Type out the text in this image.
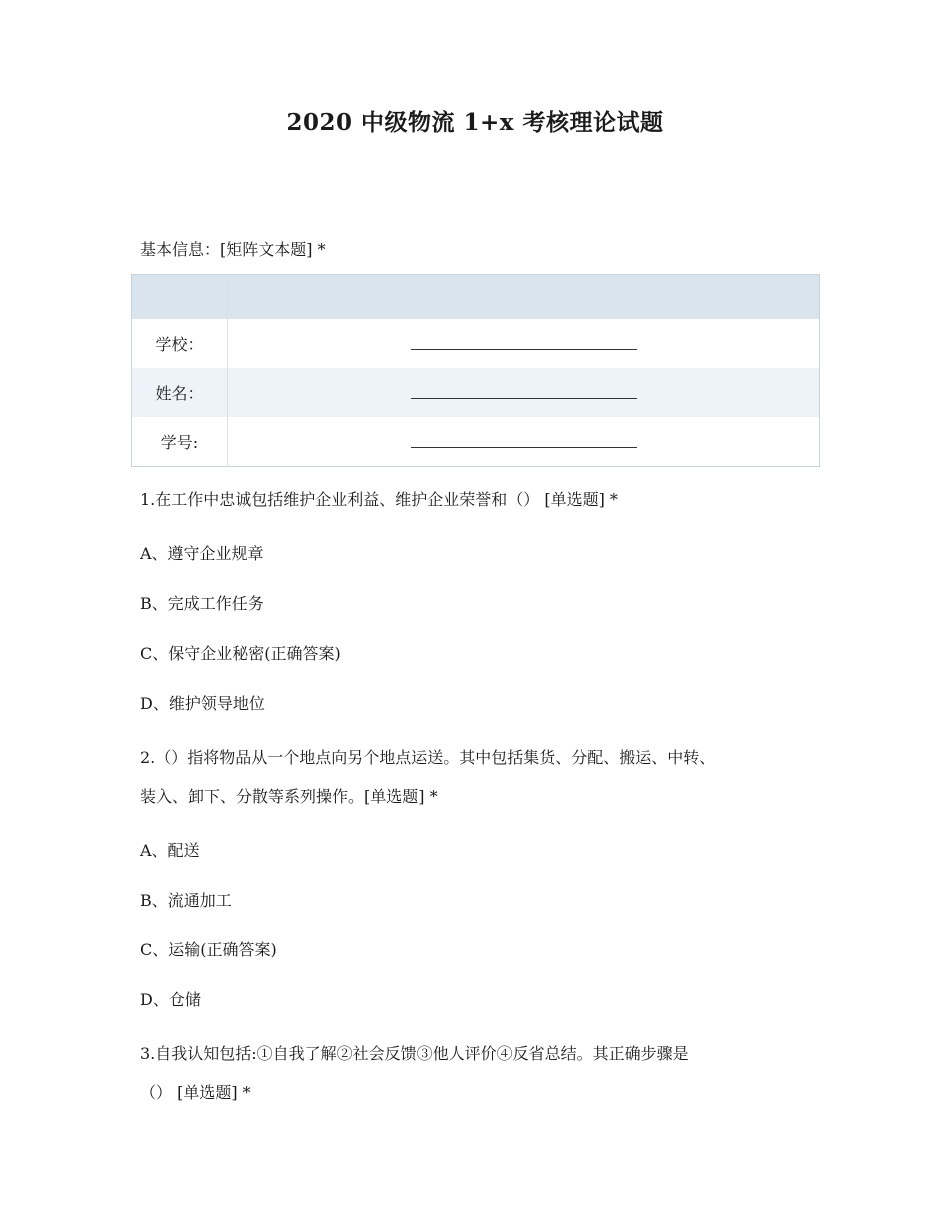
2020 中级物流 1+x 考核理论试题
基本信息：[矩阵文本题] *

学校：	
姓名：	
学号:	
1.在工作中忠诚包括维护企业利益、维护企业荣誉和（） [单选题] *
A、遵守企业规章
B、完成工作任务
C、保守企业秘密(正确答案)
D、维护领导地位
2.（）指将物品从一个地点向另个地点运送。其中包括集货、分配、搬运、中转、
装入、卸下、分散等系列操作。[单选题] *
A、配送
B、流通加工
C、运输(正确答案)
D、仓储
3.自我认知包括:①自我了解②社会反馈③他人评价④反省总结。其正确步骤是
（） [单选题] *
